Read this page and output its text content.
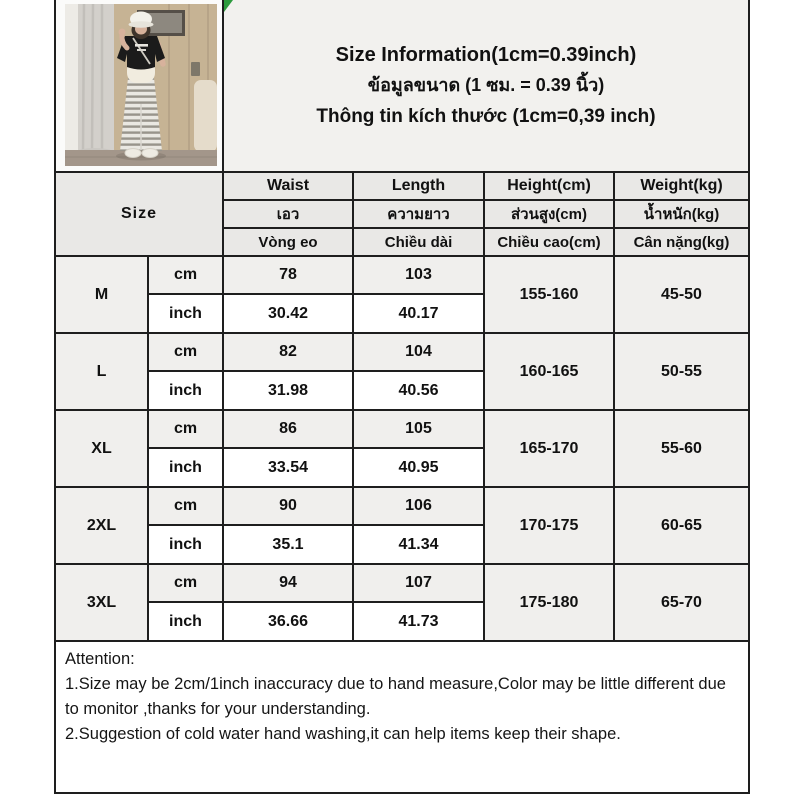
Size Information(1cm=0.39inch)
ข้อมูลขนาด (1 ซม. = 0.39 นิ้ว)
Thông tin kích thước (1cm=0,39 inch)			

Size		Waist	Length	Height(cm)	Weight(kg)
		เอว	ความยาว	ส่วนสูง(cm)	น้ำหนัก(kg)
		Vòng eo	Chiều dài	Chiều cao(cm)	Cân nặng(kg)
M	cm	78	103	155-160	45-50
	inch	30.42	40.17		
L	cm	82	104	160-165	50-55
	inch	31.98	40.56		
XL	cm	86	105	165-170	55-60
	inch	33.54	40.95		
2XL	cm	90	106	170-175	60-65
	inch	35.1	41.34		
3XL	cm	94	107	175-180	65-70
	inch	36.66	41.73		

Attention:
1.Size may be 2cm/1inch inaccuracy due to hand measure,Color may be little different due to monitor ,thanks for your understanding.
2.Suggestion of cold water hand washing,it can help items keep their shape.					
